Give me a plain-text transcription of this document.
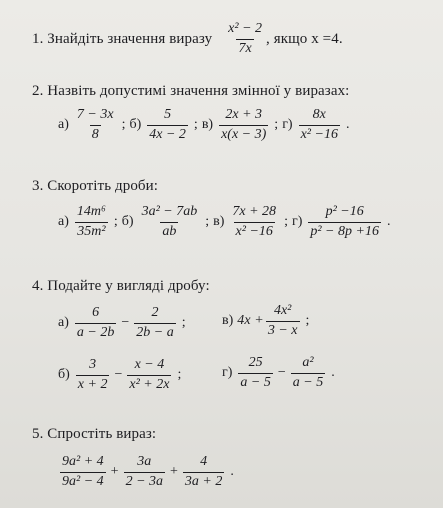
1. Знайдіть значення виразу $\frac{\text{x² − 2}}{7x}$ , якщо x =4.
2. Назвіть допустимі значення змінної у виразах:
$а) \frac{7 - 3x}{8}$ ; $б) \frac{5}{4x - 2}$ ; $в) \frac{2x + 3}{x(x - 3)}$ ; $г) \frac{8x}{\text{x² −16}}$ .
3. Скоротіть дроби:
$а) \frac{\text{14m⁶}}{\text{35m²}}$ ; $б) \frac{\text{3a² − 7ab}}{ab}$ ; $в) \frac{7x + 28}{\text{x² −16}}$ ; $г) \frac{\text{p² −16}}{\text{p² − 8p +16}}$ .
4. Подайте у вигляді дробу:
$а) \frac{6}{a - 2b} - \frac{2}{2b - a}$ ;	в) $4x + \frac{\text{4x²}}{3 - x}$ ;
$б) \frac{3}{x + 2} - \frac{x - 4}{\text{x² + 2x}}$ ;	$г) \frac{25}{a - 5} - \frac{\text{a²}}{a - 5}$ .
5. Спростіть вираз:
$\frac{\text{9a² + 4}}{\text{9a² − 4}} + \frac{3a}{2 - 3a} + \frac{4}{3a + 2}$ .
